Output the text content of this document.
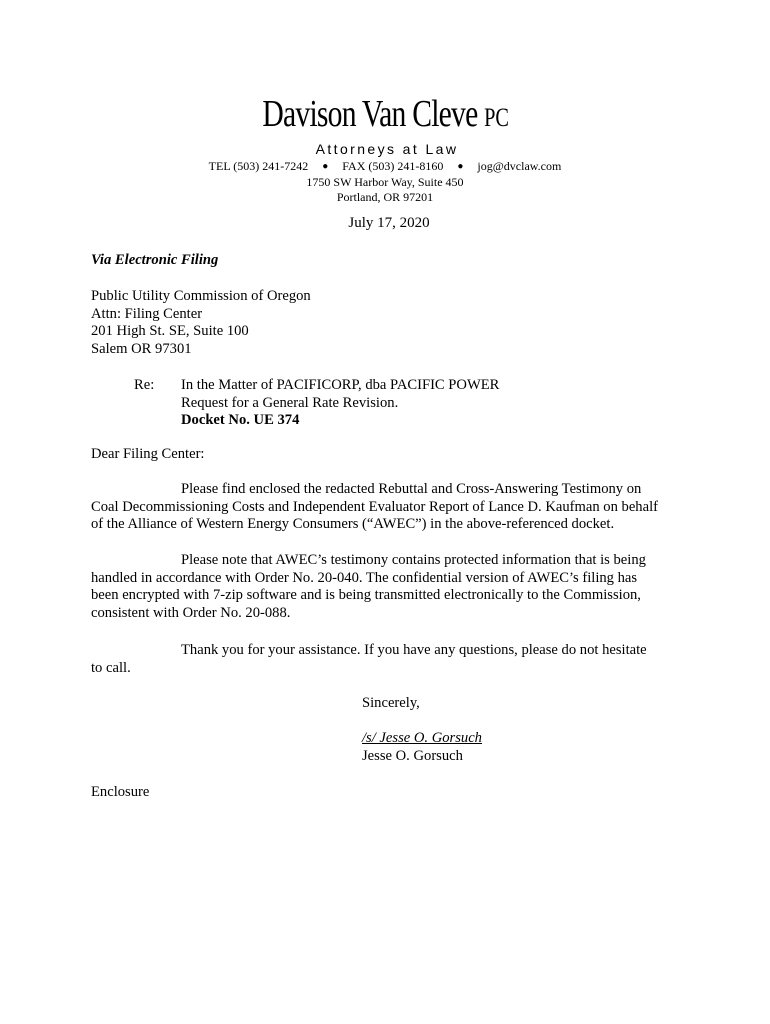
Davison Van Cleve PC
Attorneys at Law
TEL (503) 241-7242 ● FAX (503) 241-8160 ● jog@dvclaw.com
1750 SW Harbor Way, Suite 450
Portland, OR 97201
July 17, 2020
Via Electronic Filing
Public Utility Commission of Oregon
Attn: Filing Center
201 High St. SE, Suite 100
Salem OR 97301
Re:	In the Matter of PACIFICORP, dba PACIFIC POWER
Request for a General Rate Revision.
Docket No. UE 374
Dear Filing Center:
Please find enclosed the redacted Rebuttal and Cross-Answering Testimony on
Coal Decommissioning Costs and Independent Evaluator Report of Lance D. Kaufman on behalf
of the Alliance of Western Energy Consumers (“AWEC”) in the above-referenced docket.
Please note that AWEC’s testimony contains protected information that is being
handled in accordance with Order No. 20-040. The confidential version of AWEC’s filing has
been encrypted with 7-zip software and is being transmitted electronically to the Commission,
consistent with Order No. 20-088.
Thank you for your assistance. If you have any questions, please do not hesitate
to call.
Sincerely,
/s/ Jesse O. Gorsuch
Jesse O. Gorsuch
Enclosure
